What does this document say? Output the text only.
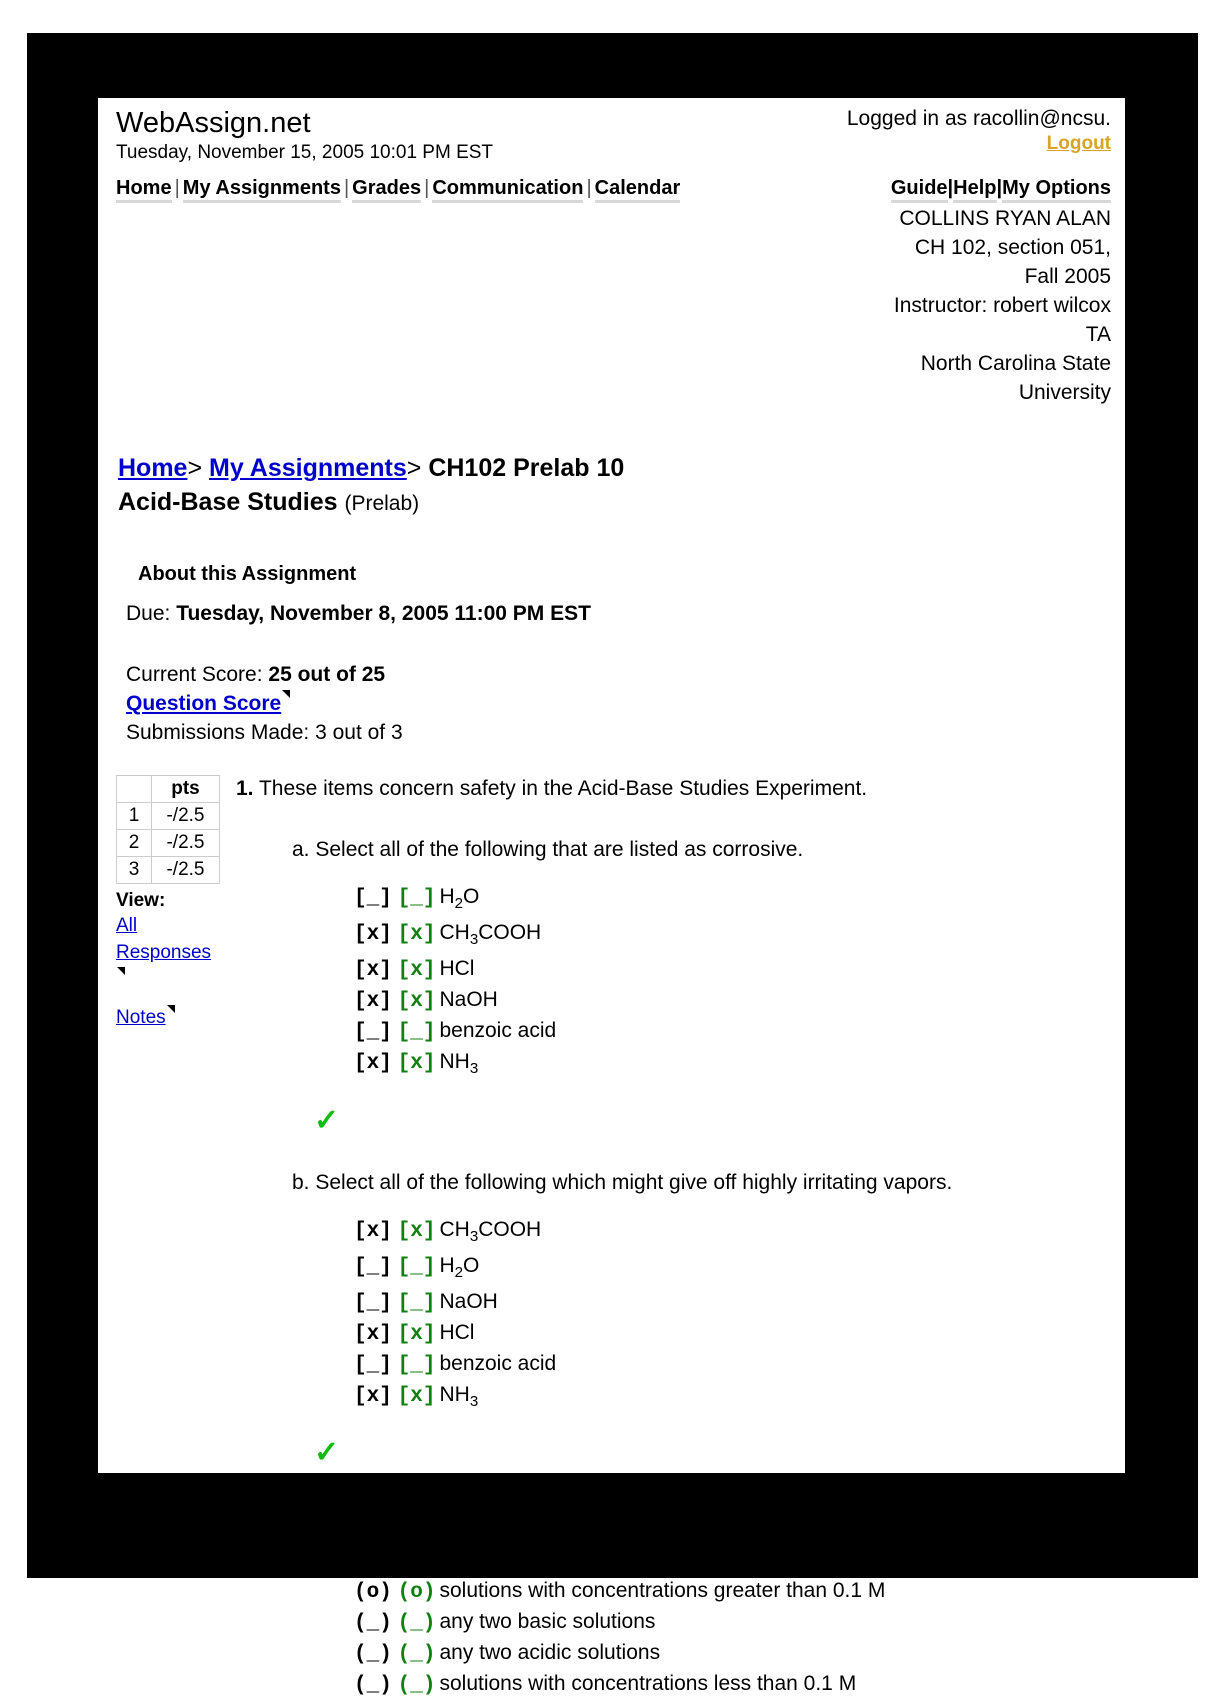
WebAssign.net
Tuesday, November 15, 2005 10:01 PM EST
Logged in as racollin@ncsu.
Logout
Home | My Assignments | Grades | Communication | Calendar	Guide|Help|My Options
COLLINS RYAN ALAN
CH 102, section 051,
Fall 2005
Instructor: robert wilcox
TA
North Carolina State
University
Home> My Assignments> CH102 Prelab 10
Acid-Base Studies (Prelab)
About this Assignment
Due: Tuesday, November 8, 2005 11:00 PM EST
Current Score: 25 out of 25
Question Score
Submissions Made: 3 out of 3
	pts
1	-/2.5
2	-/2.5
3	-/2.5
View:
All
Responses
Notes
1. These items concern safety in the Acid-Base Studies Experiment.
a. Select all of the following that are listed as corrosive.
[_] [_] $H_2O$
[x] [x] $CH_3COOH$
[x] [x] HCl
[x] [x] NaOH
[_] [_] benzoic acid
[x] [x] $NH_3$
✓
b. Select all of the following which might give off highly irritating vapors.
[x] [x] $CH_3COOH$
[_] [_] $H_2O$
[_] [_] NaOH
[x] [x] HCl
[_] [_] benzoic acid
[x] [x] $NH_3$
✓
c. Because acid-base reactions are highly exothermic, which of the following should you NOT mix together?
(o) (o) solutions with concentrations greater than 0.1 M
(_) (_) any two basic solutions
(_) (_) any two acidic solutions
(_) (_) solutions with concentrations less than 0.1 M
